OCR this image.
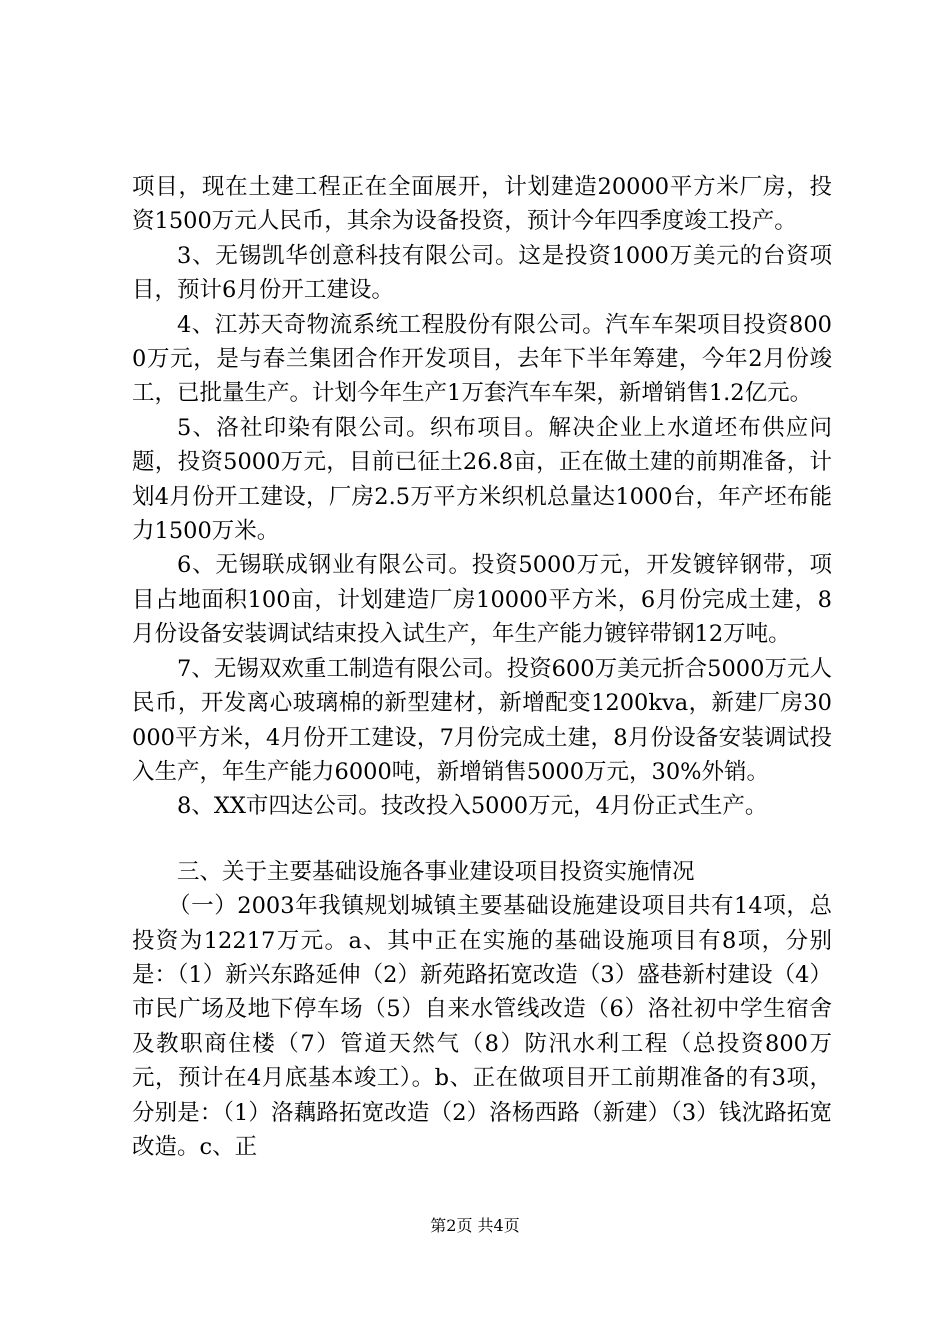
项目，现在土建工程正在全面展开，计划建造20000平方米厂房，投资1500万元人民币，其余为设备投资，预计今年四季度竣工投产。

3、无锡凯华创意科技有限公司。这是投资1000万美元的台资项目，预计6月份开工建设。

4、江苏天奇物流系统工程股份有限公司。汽车车架项目投资8000万元，是与春兰集团合作开发项目，去年下半年筹建，今年2月份竣工，已批量生产。计划今年生产1万套汽车车架，新增销售1.2亿元。

5、洛社印染有限公司。织布项目。解决企业上水道坯布供应问题，投资5000万元，目前已征土26.8亩，正在做土建的前期准备，计划4月份开工建设，厂房2.5万平方米织机总量达1000台，年产坯布能力1500万米。

6、无锡联成钢业有限公司。投资5000万元，开发镀锌钢带，项目占地面积100亩，计划建造厂房10000平方米，6月份完成土建，8月份设备安装调试结束投入试生产，年生产能力镀锌带钢12万吨。

7、无锡双欢重工制造有限公司。投资600万美元折合5000万元人民币，开发离心玻璃棉的新型建材，新增配变1200kva，新建厂房30000平方米，4月份开工建设，7月份完成土建，8月份设备安装调试投入生产，年生产能力6000吨，新增销售5000万元，30%外销。

8、XX市四达公司。技改投入5000万元，4月份正式生产。

三、关于主要基础设施各事业建设项目投资实施情况

（一）2003年我镇规划城镇主要基础设施建设项目共有14项，总投资为12217万元。a、其中正在实施的基础设施项目有8项，分别是：（1）新兴东路延伸（2）新苑路拓宽改造（3）盛巷新村建设（4）市民广场及地下停车场（5）自来水管线改造（6）洛社初中学生宿舍及教职商住楼（7）管道天然气（8）防汛水利工程（总投资800万元，预计在4月底基本竣工）。b、正在做项目开工前期准备的有3项，分别是：（1）洛藕路拓宽改造（2）洛杨西路（新建）（3）钱沈路拓宽改造。c、正

第2页 共4页
